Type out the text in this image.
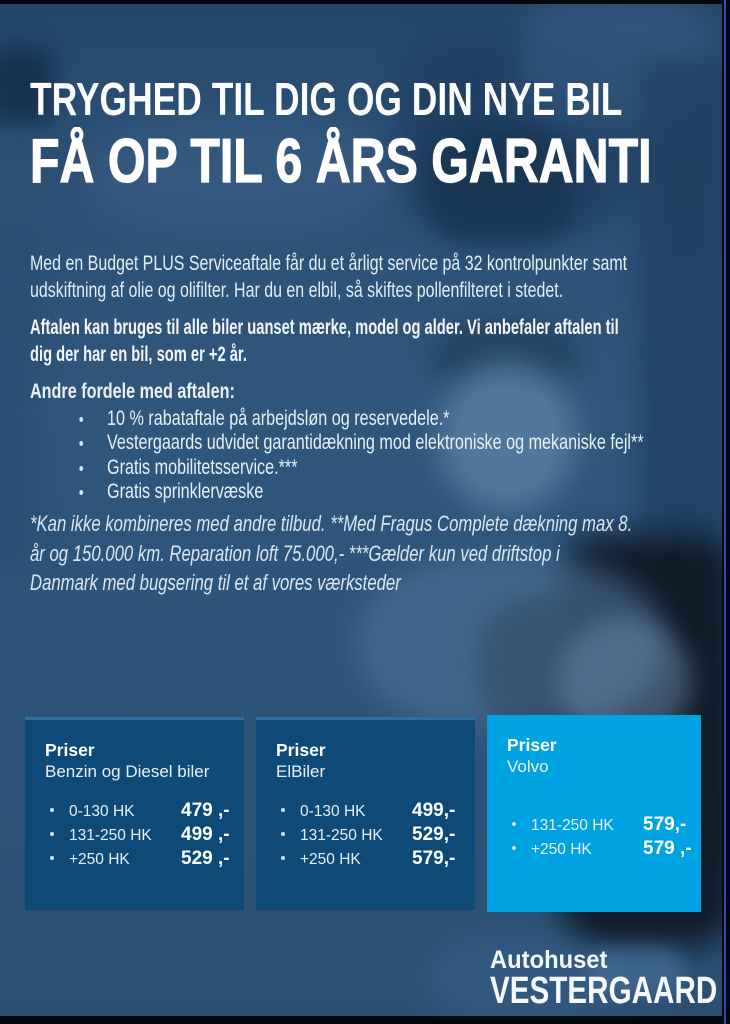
TRYGHED TIL DIG OG DIN NYE BIL
FÅ OP TIL 6 ÅRS GARANTI
Med en Budget PLUS Serviceaftale får du et årligt service på 32 kontrolpunkter samt
udskiftning af olie og olifilter. Har du en elbil, så skiftes pollenfilteret i stedet.
Aftalen kan bruges til alle biler uanset mærke, model og alder. Vi anbefaler aftalen til
dig der har en bil, som er +2 år.
Andre fordele med aftalen:
10 % rabataftale på arbejdsløn og reservedele.*
Vestergaards udvidet garantidækning mod elektroniske og mekaniske fejl**
Gratis mobilitetsservice.***
Gratis sprinklervæske
*Kan ikke kombineres med andre tilbud. **Med Fragus Complete dækning max 8.
år og 150.000 km. Reparation loft 75.000,- ***Gælder kun ved driftstop i
Danmark med bugsering til et af vores værksteder
Priser
Benzin og Diesel biler
0-130 HK	479 ,-
131-250 HK	499 ,-
+250 HK	529 ,-
Priser
ElBiler
0-130 HK	499,-
131-250 HK	529,-
+250 HK	579,-
Priser
Volvo
131-250 HK	579,-
+250 HK	579 ,-
Autohuset
VESTERGAARD
